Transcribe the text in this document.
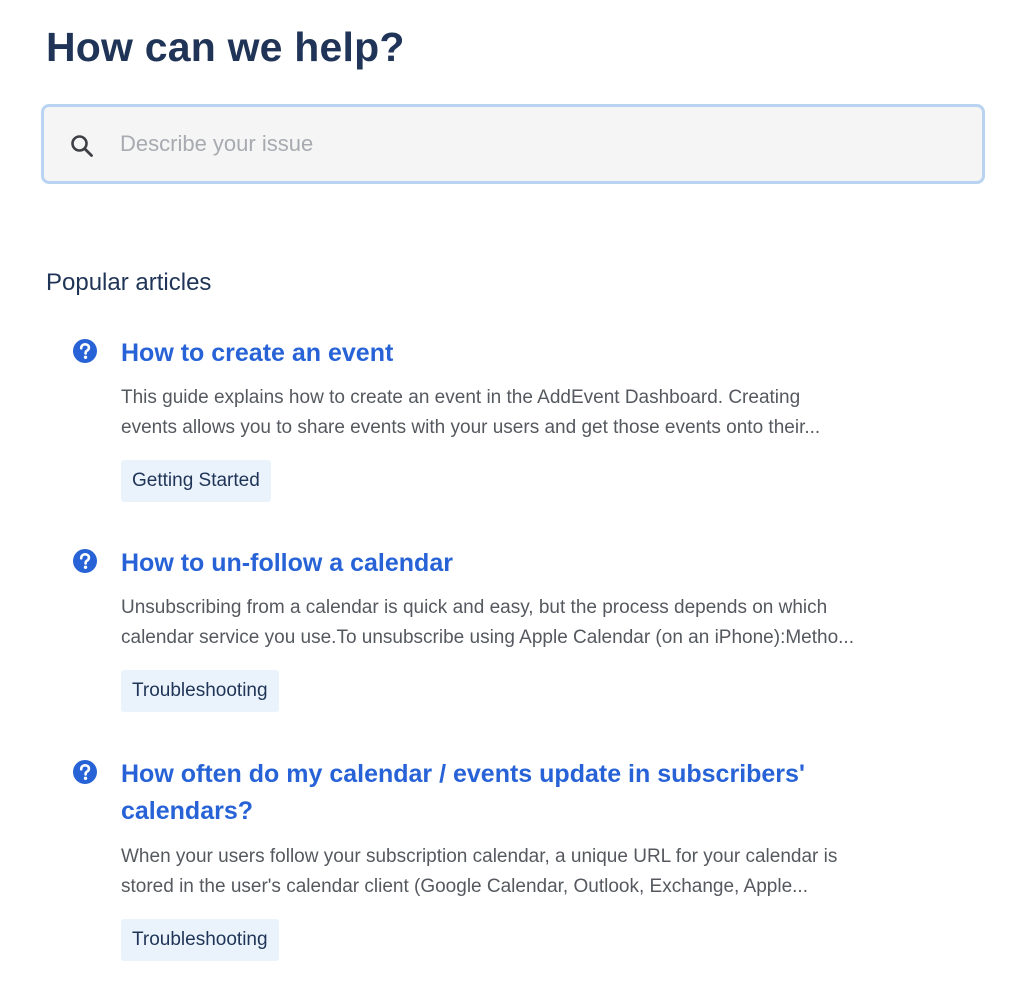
How can we help?
Describe your issue
Popular articles
How to create an event

This guide explains how to create an event in the AddEvent Dashboard. Creating
events allows you to share events with your users and get those events onto their...

Getting Started
How to un-follow a calendar

Unsubscribing from a calendar is quick and easy, but the process depends on which
calendar service you use.To unsubscribe using Apple Calendar (on an iPhone):Metho...

Troubleshooting
How often do my calendar / events update in subscribers'
calendars?

When your users follow your subscription calendar, a unique URL for your calendar is
stored in the user's calendar client (Google Calendar, Outlook, Exchange, Apple...

Troubleshooting
